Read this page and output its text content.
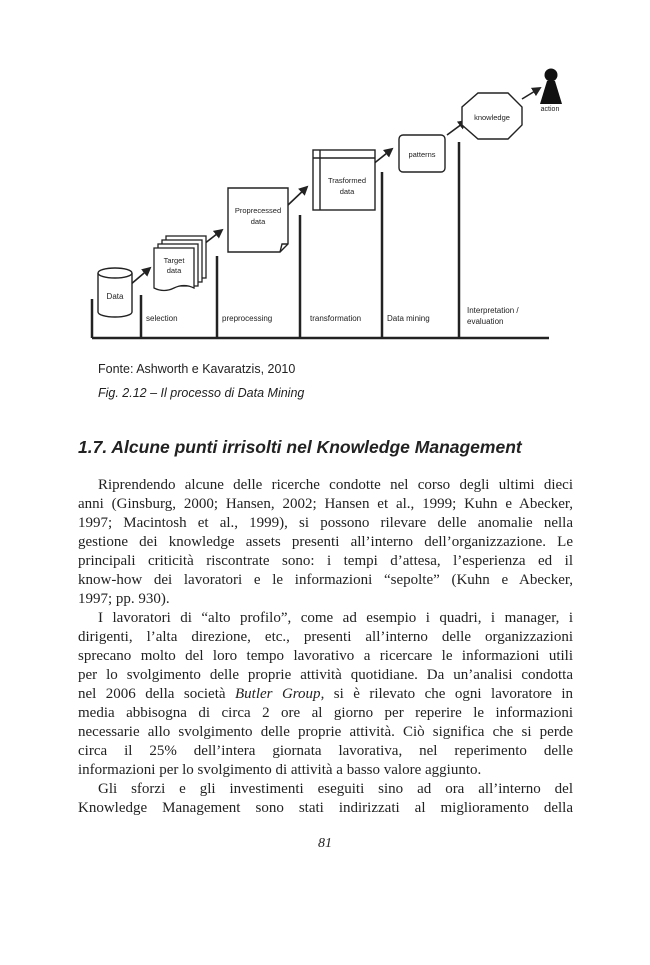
Data
Target
data
Proprecessed
data
Trasformed
data
patterns
knowledge
action
selection	preprocessing	transformation	Data mining
Interpretation /
evaluation
Fonte: Ashworth e Kavaratzis, 2010
Fig. 2.12 – Il processo di Data Mining
1.7. Alcune punti irrisolti nel Knowledge Management
Riprendendo alcune delle ricerche condotte nel corso degli ultimi dieci
anni (Ginsburg, 2000; Hansen, 2002; Hansen et al., 1999; Kuhn e Abecker,
1997; Macintosh et al., 1999), si possono rilevare delle anomalie nella
gestione dei knowledge assets presenti all’interno dell’organizzazione. Le
principali criticità riscontrate sono: i tempi d’attesa, l’esperienza ed il
know-how dei lavoratori e le informazioni “sepolte” (Kuhn e Abecker,
1997; pp. 930).
I lavoratori di “alto profilo”, come ad esempio i quadri, i manager, i
dirigenti, l’alta direzione, etc., presenti all’interno delle organizzazioni
sprecano molto del loro tempo lavorativo a ricercare le informazioni utili
per lo svolgimento delle proprie attività quotidiane. Da un’analisi condotta
nel 2006 della società Butler Group, si è rilevato che ogni lavoratore in
media abbisogna di circa 2 ore al giorno per reperire le informazioni
necessarie allo svolgimento delle proprie attività. Ciò significa che si perde
circa il 25% dell’intera giornata lavorativa, nel reperimento delle
informazioni per lo svolgimento di attività a basso valore aggiunto.
Gli sforzi e gli investimenti eseguiti sino ad ora all’interno del
Knowledge Management sono stati indirizzati al miglioramento della
81
